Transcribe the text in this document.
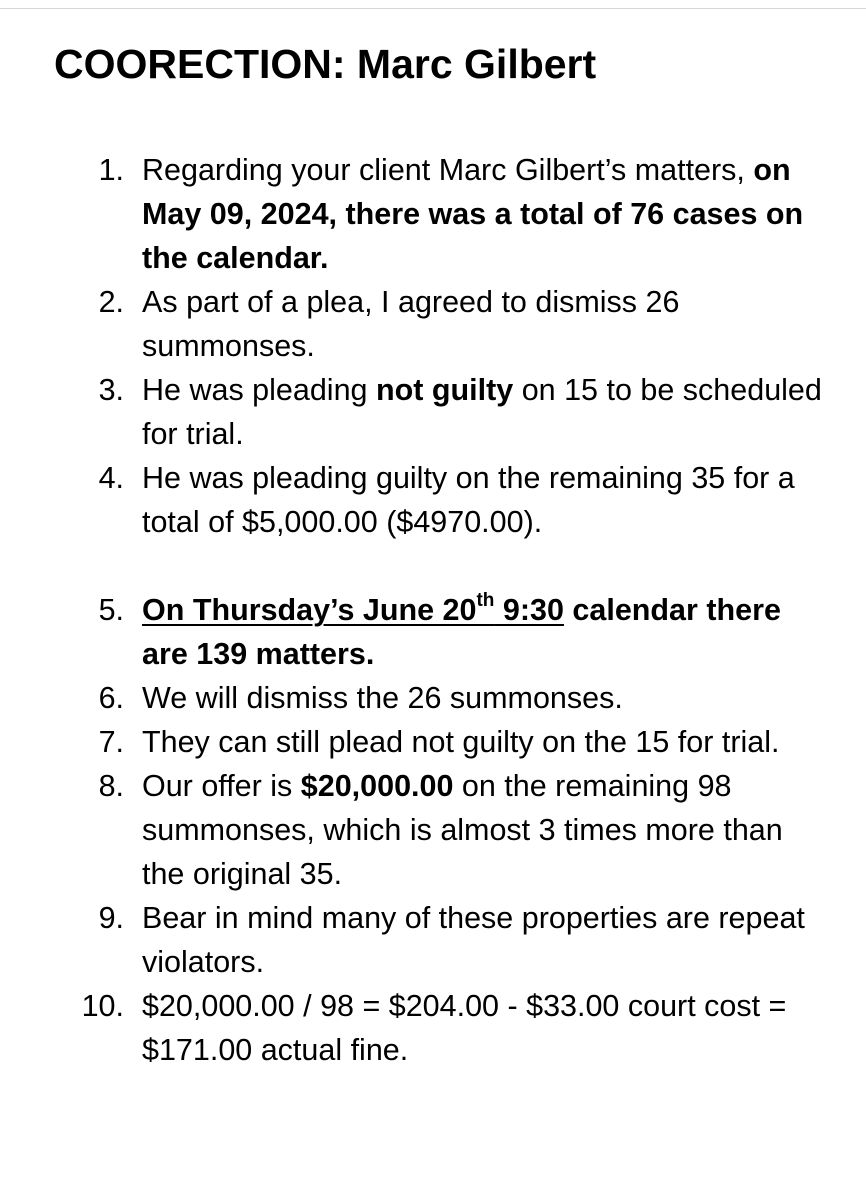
COORECTION: Marc Gilbert
1. Regarding your client Marc Gilbert’s matters, on May 09, 2024, there was a total of 76 cases on the calendar.
2. As part of a plea, I agreed to dismiss 26 summonses.
3. He was pleading not guilty on 15 to be scheduled for trial.
4. He was pleading guilty on the remaining 35 for a total of $5,000.00 ($4970.00).
5. On Thursday’s June 20th 9:30 calendar there are 139 matters.
6. We will dismiss the 26 summonses.
7. They can still plead not guilty on the 15 for trial.
8. Our offer is $20,000.00 on the remaining 98 summonses, which is almost 3 times more than the original 35.
9. Bear in mind many of these properties are repeat violators.
10. $20,000.00 / 98 = $204.00 - $33.00 court cost = $171.00 actual fine.
